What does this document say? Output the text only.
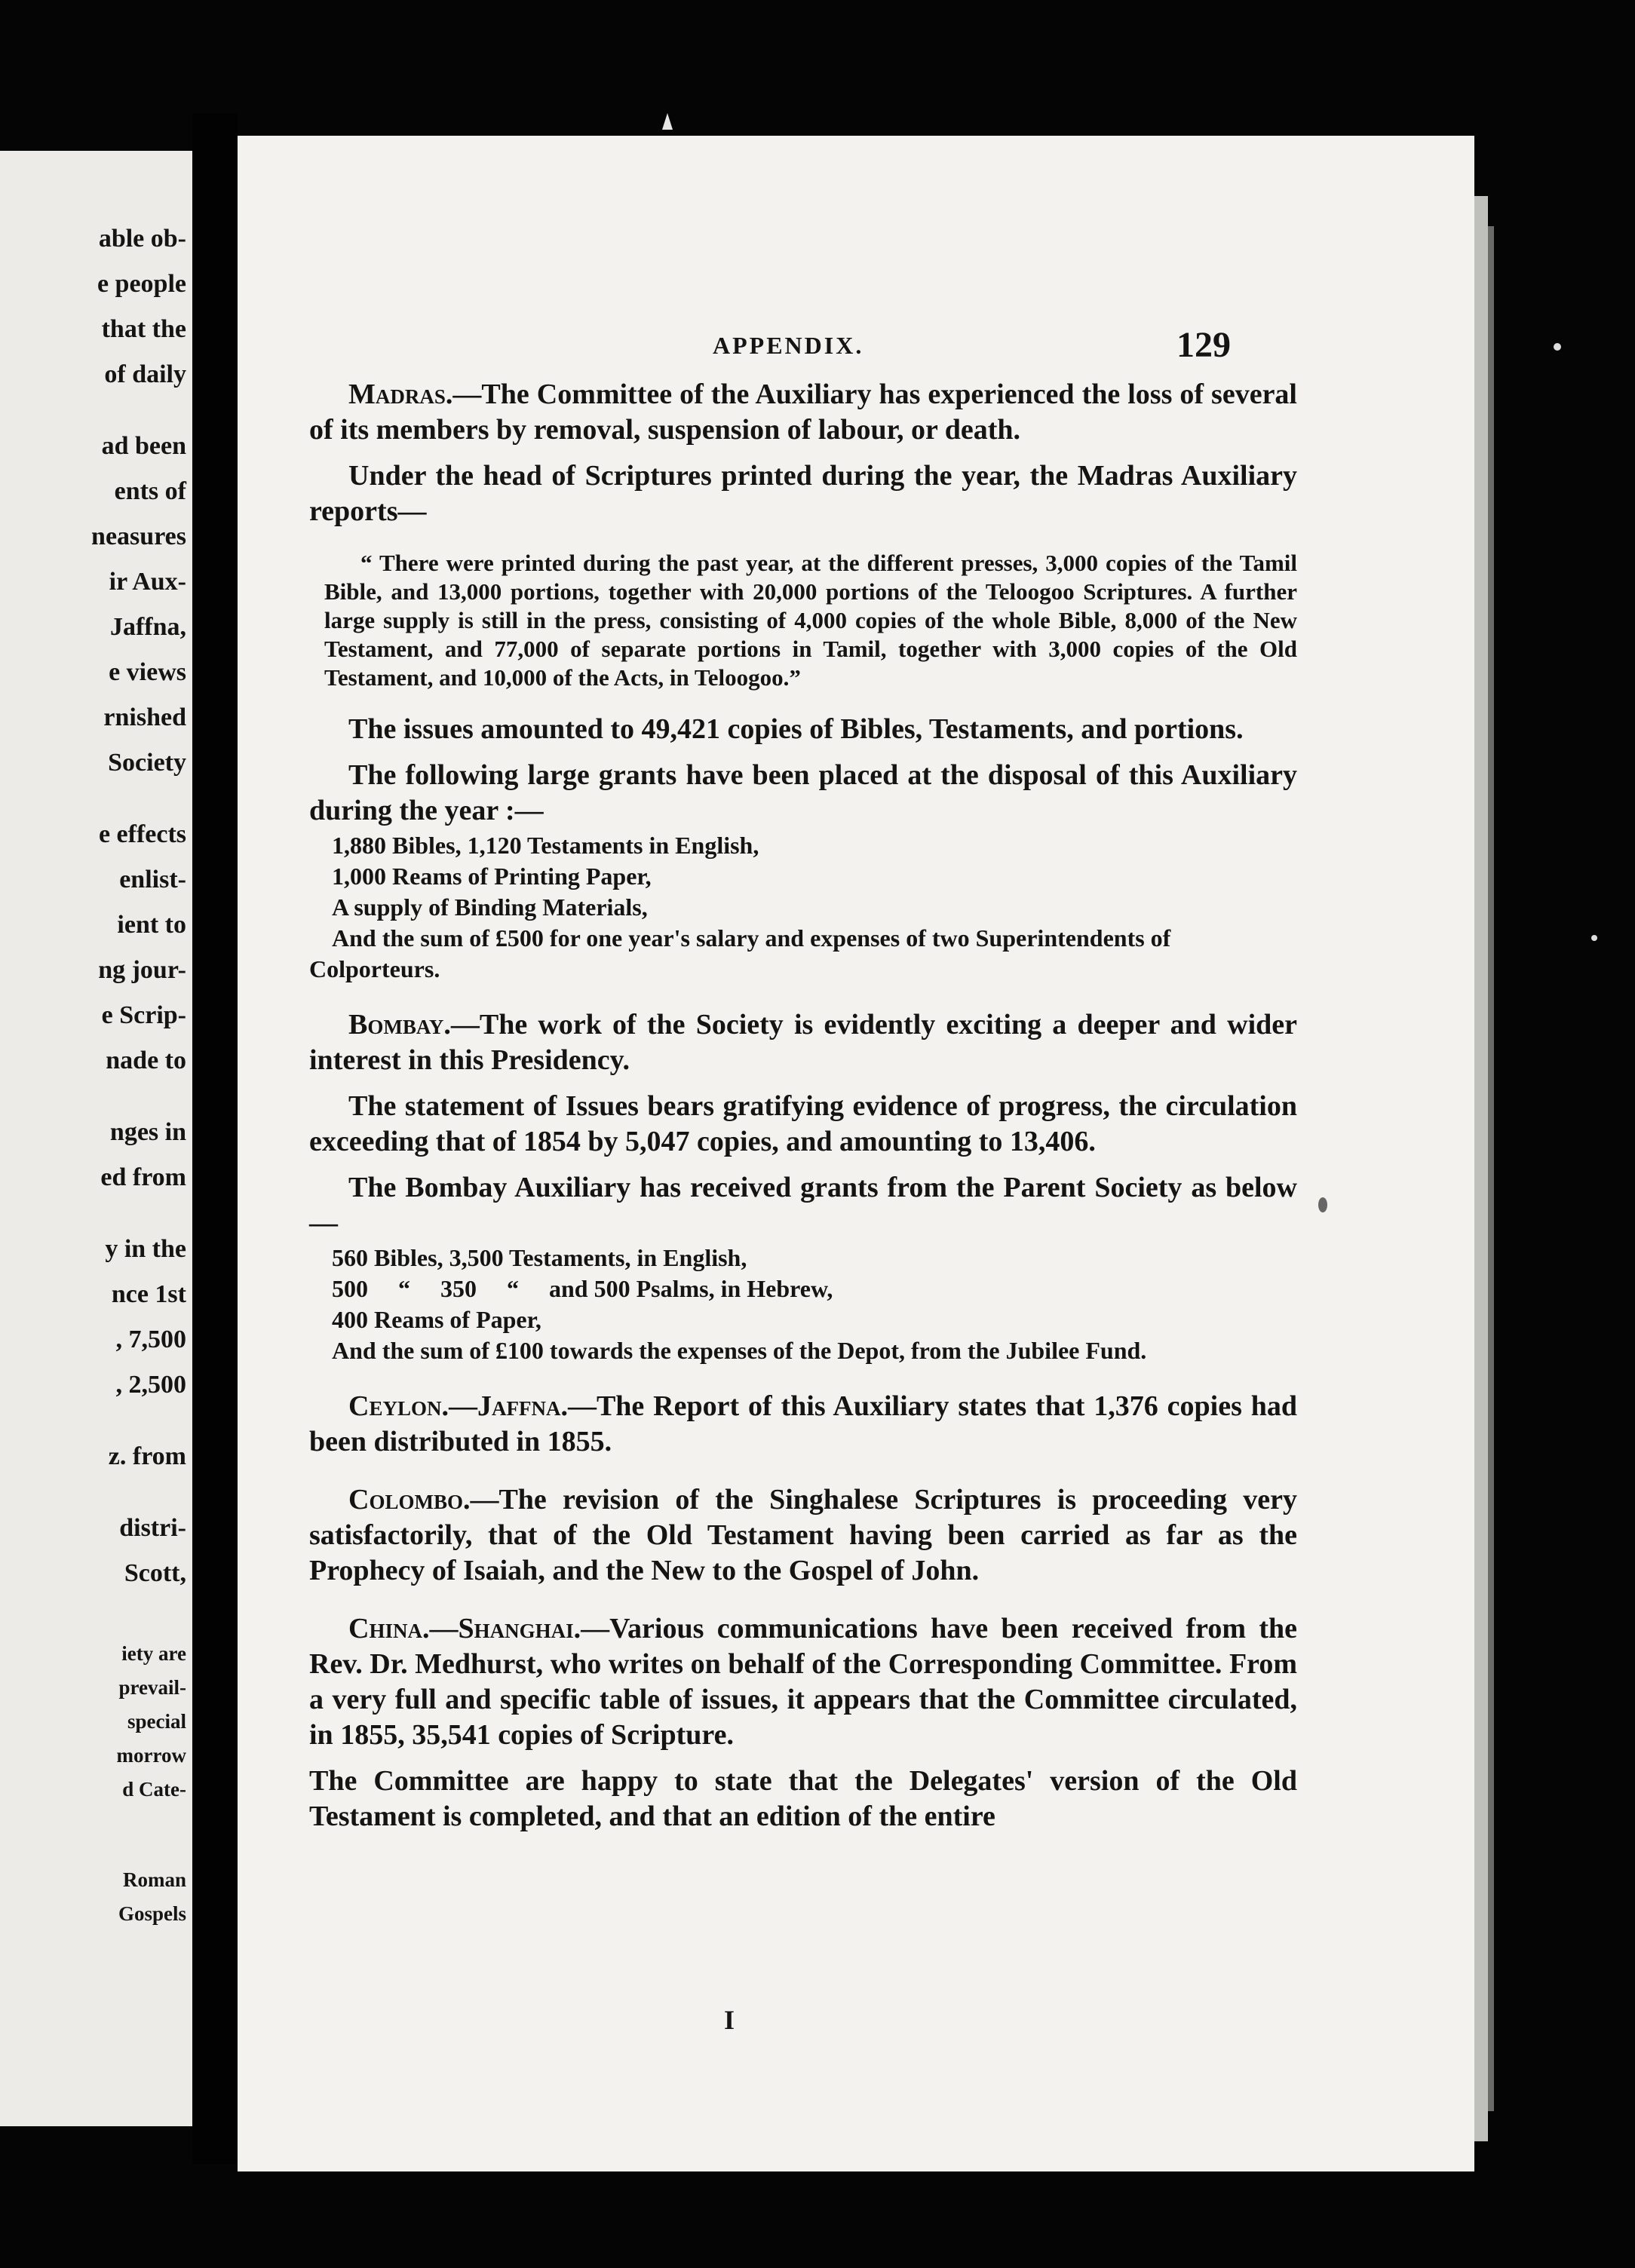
able ob-
e people
that the
of daily
ad been
ents of
neasures
ir Aux-
Jaffna,
e views
rnished
Society
e effects
enlist-
ient to
ng jour-
e Scrip-
nade to
nges in
ed from
y in the
nce 1st
, 7,500
, 2,500
z. from
distri-
Scott,
iety are
prevail-
special
morrow
d Cate-
Roman
Gospels
APPENDIX.	129

Madras.—The Committee of the Auxiliary has experienced the loss of several of its members by removal, suspension of labour, or death.

Under the head of Scriptures printed during the year, the Madras Auxiliary reports—

“ There were printed during the past year, at the different presses, 3,000 copies of the Tamil Bible, and 13,000 portions, together with 20,000 portions of the Teloogoo Scriptures. A further large supply is still in the press, consisting of 4,000 copies of the whole Bible, 8,000 of the New Testament, and 77,000 of separate portions in Tamil, together with 3,000 copies of the Old Testament, and 10,000 of the Acts, in Teloogoo.”

The issues amounted to 49,421 copies of Bibles, Testaments, and portions.

The following large grants have been placed at the disposal of this Auxiliary during the year :—

1,880 Bibles, 1,120 Testaments in English,
1,000 Reams of Printing Paper,
A supply of Binding Materials,
And the sum of £500 for one year's salary and expenses of two Superintendents of Colporteurs.

Bombay.—The work of the Society is evidently exciting a deeper and wider interest in this Presidency.

The statement of Issues bears gratifying evidence of progress, the circulation exceeding that of 1854 by 5,047 copies, and amounting to 13,406.

The Bombay Auxiliary has received grants from the Parent Society as below—

560 Bibles, 3,500 Testaments, in English,
500     “     350     “     and 500 Psalms, in Hebrew,
400 Reams of Paper,
And the sum of £100 towards the expenses of the Depot, from the Jubilee Fund.

Ceylon.—Jaffna.—The Report of this Auxiliary states that 1,376 copies had been distributed in 1855.

Colombo.—The revision of the Singhalese Scriptures is proceeding very satisfactorily, that of the Old Testament having been carried as far as the Prophecy of Isaiah, and the New to the Gospel of John.

China.—Shanghai.—Various communications have been received from the Rev. Dr. Medhurst, who writes on behalf of the Corresponding Committee. From a very full and specific table of issues, it appears that the Committee circulated, in 1855, 35,541 copies of Scripture.

The Committee are happy to state that the Delegates' version of the Old Testament is completed, and that an edition of the entire

I
